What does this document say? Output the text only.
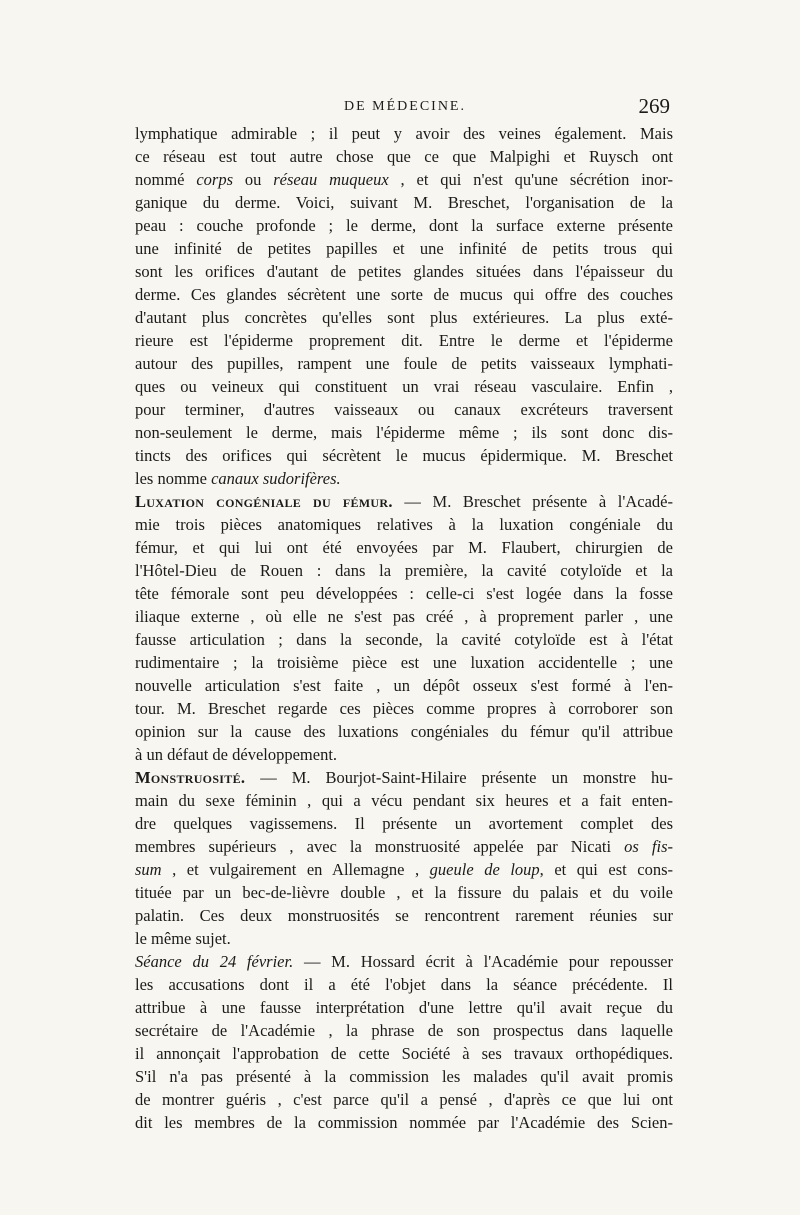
DE MÉDECINE.	269
lymphatique admirable ; il peut y avoir des veines également. Mais
ce réseau est tout autre chose que ce que Malpighi et Ruysch ont
nommé corps ou réseau muqueux , et qui n'est qu'une sécrétion inor-
ganique du derme. Voici, suivant M. Breschet, l'organisation de la
peau : couche profonde ; le derme, dont la surface externe présente
une infinité de petites papilles et une infinité de petits trous qui
sont les orifices d'autant de petites glandes situées dans l'épaisseur du
derme. Ces glandes sécrètent une sorte de mucus qui offre des couches
d'autant plus concrètes qu'elles sont plus extérieures. La plus exté-
rieure est l'épiderme proprement dit. Entre le derme et l'épiderme
autour des pupilles, rampent une foule de petits vaisseaux lymphati-
ques ou veineux qui constituent un vrai réseau vasculaire. Enfin ,
pour terminer, d'autres vaisseaux ou canaux excréteurs traversent
non-seulement le derme, mais l'épiderme même ; ils sont donc dis-
tincts des orifices qui sécrètent le mucus épidermique. M. Breschet
les nomme canaux sudorifères.
Luxation congéniale du fémur. — M. Breschet présente à l'Acadé-
mie trois pièces anatomiques relatives à la luxation congéniale du
fémur, et qui lui ont été envoyées par M. Flaubert, chirurgien de
l'Hôtel-Dieu de Rouen : dans la première, la cavité cotyloïde et la
tête fémorale sont peu développées : celle-ci s'est logée dans la fosse
iliaque externe , où elle ne s'est pas créé , à proprement parler , une
fausse articulation ; dans la seconde, la cavité cotyloïde est à l'état
rudimentaire ; la troisième pièce est une luxation accidentelle ; une
nouvelle articulation s'est faite , un dépôt osseux s'est formé à l'en-
tour. M. Breschet regarde ces pièces comme propres à corroborer son
opinion sur la cause des luxations congéniales du fémur qu'il attribue
à un défaut de développement.
Monstruosité. — M. Bourjot-Saint-Hilaire présente un monstre hu-
main du sexe féminin , qui a vécu pendant six heures et a fait enten-
dre quelques vagissemens. Il présente un avortement complet des
membres supérieurs , avec la monstruosité appelée par Nicati os fis-
sum , et vulgairement en Allemagne , gueule de loup, et qui est cons-
tituée par un bec-de-lièvre double , et la fissure du palais et du voile
palatin. Ces deux monstruosités se rencontrent rarement réunies sur
le même sujet.
Séance du 24 février. — M. Hossard écrit à l'Académie pour repousser
les accusations dont il a été l'objet dans la séance précédente. Il
attribue à une fausse interprétation d'une lettre qu'il avait reçue du
secrétaire de l'Académie , la phrase de son prospectus dans laquelle
il annonçait l'approbation de cette Société à ses travaux orthopédiques.
S'il n'a pas présenté à la commission les malades qu'il avait promis
de montrer guéris , c'est parce qu'il a pensé , d'après ce que lui ont
dit les membres de la commission nommée par l'Académie des Scien-
